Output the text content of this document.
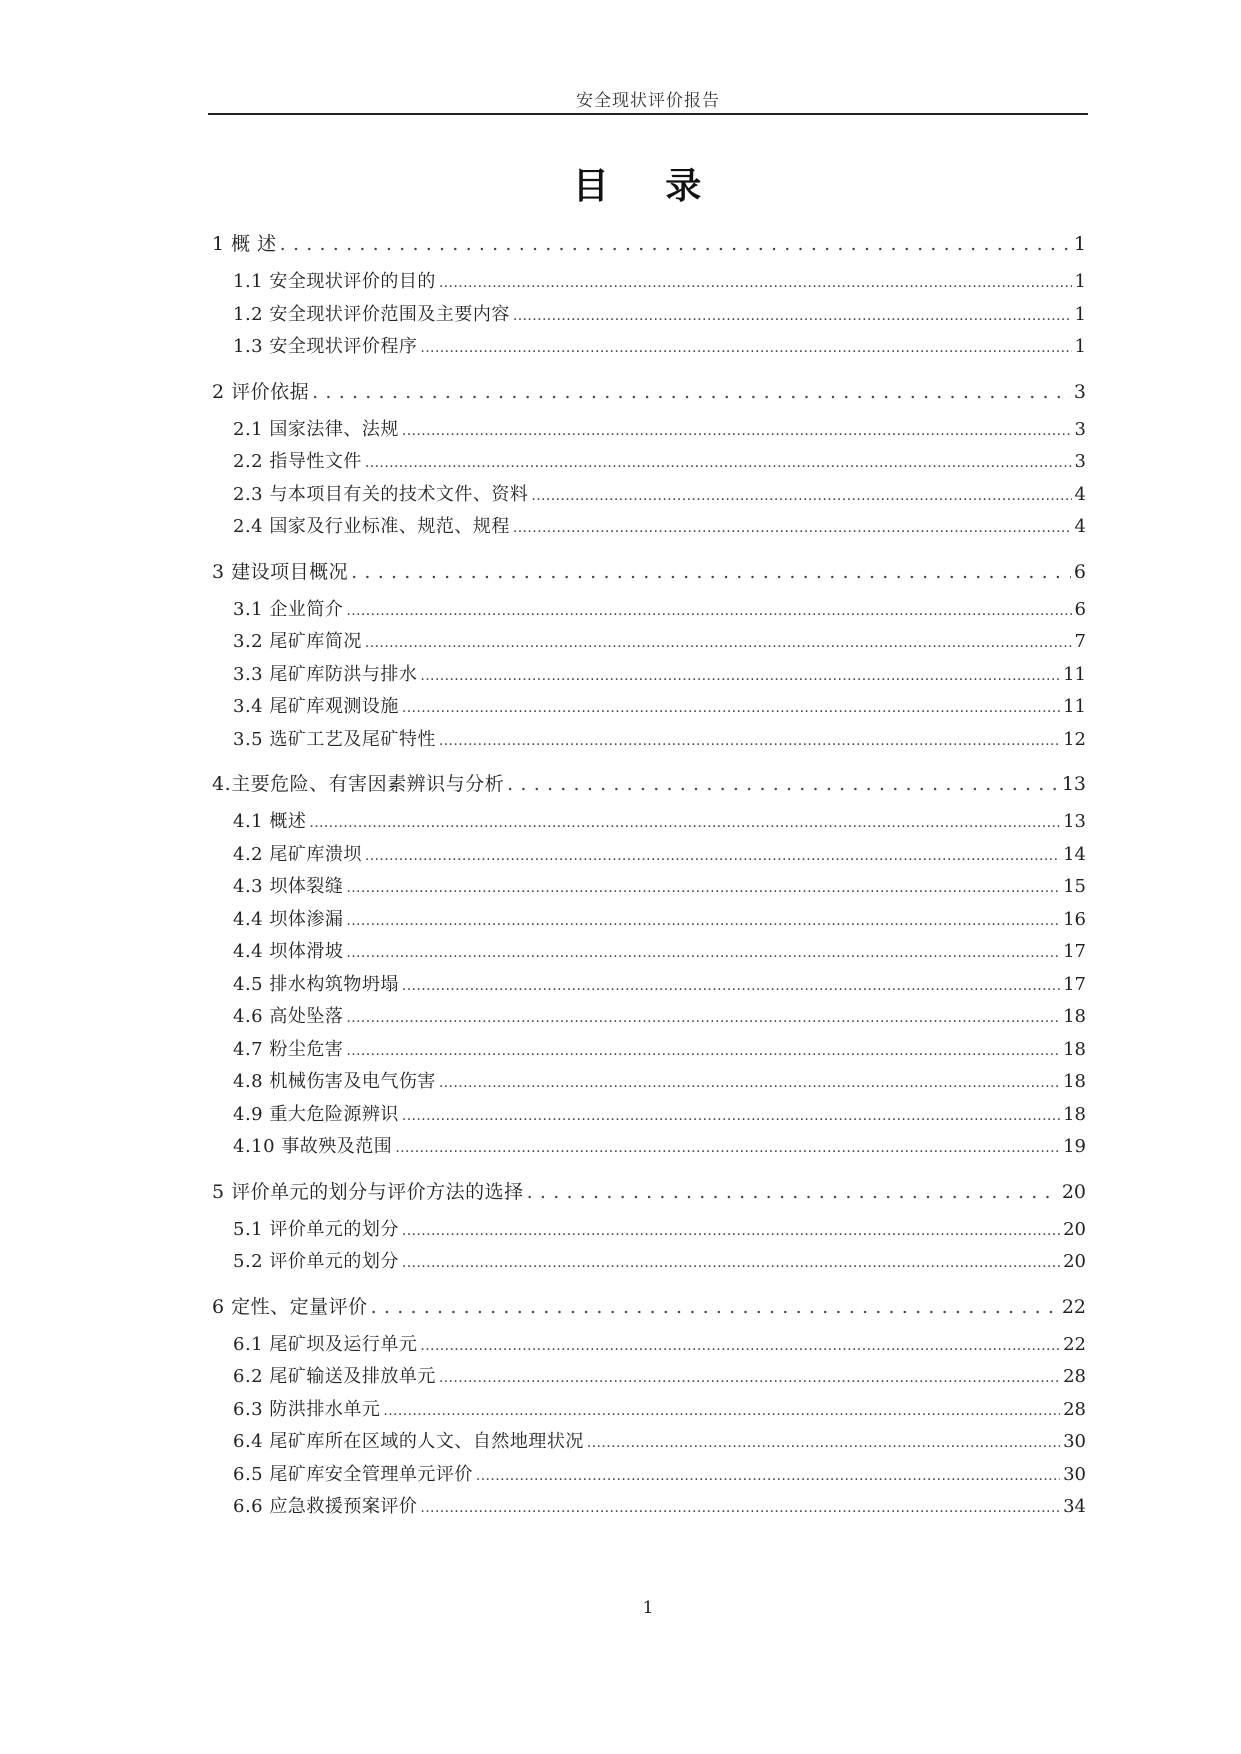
安全现状评价报告
目 录
1 概 述 . . .	1
1.1 安全现状评价的目的 .....	1
1.2 安全现状评价范围及主要内容 .....	1
1.3 安全现状评价程序 .....	1
2 评价依据 . . .	3
2.1 国家法律、法规 .....	3
2.2 指导性文件 .....	3
2.3 与本项目有关的技术文件、资料 .....	4
2.4 国家及行业标准、规范、规程 .....	4
3 建设项目概况 . . .	6
3.1 企业简介 .....	6
3.2 尾矿库简况 .....	7
3.3 尾矿库防洪与排水 .....	11
3.4 尾矿库观测设施 .....	11
3.5 选矿工艺及尾矿特性 .....	12
4.主要危险、有害因素辨识与分析 . . .	13
4.1 概述 .....	13
4.2 尾矿库溃坝 .....	14
4.3 坝体裂缝 .....	15
4.4 坝体渗漏 .....	16
4.4 坝体滑坡 .....	17
4.5 排水构筑物坍塌 .....	17
4.6 高处坠落 .....	18
4.7 粉尘危害 .....	18
4.8 机械伤害及电气伤害 .....	18
4.9 重大危险源辨识 .....	18
4.10 事故殃及范围 .....	19
5 评价单元的划分与评价方法的选择 . . .	20
5.1 评价单元的划分 .....	20
5.2 评价单元的划分 .....	20
6 定性、定量评价 . . .	22
6.1 尾矿坝及运行单元 .....	22
6.2 尾矿输送及排放单元 .....	28
6.3 防洪排水单元 .....	28
6.4 尾矿库所在区域的人文、自然地理状况 .....	30
6.5 尾矿库安全管理单元评价 .....	30
6.6 应急救援预案评价 .....	34
1
